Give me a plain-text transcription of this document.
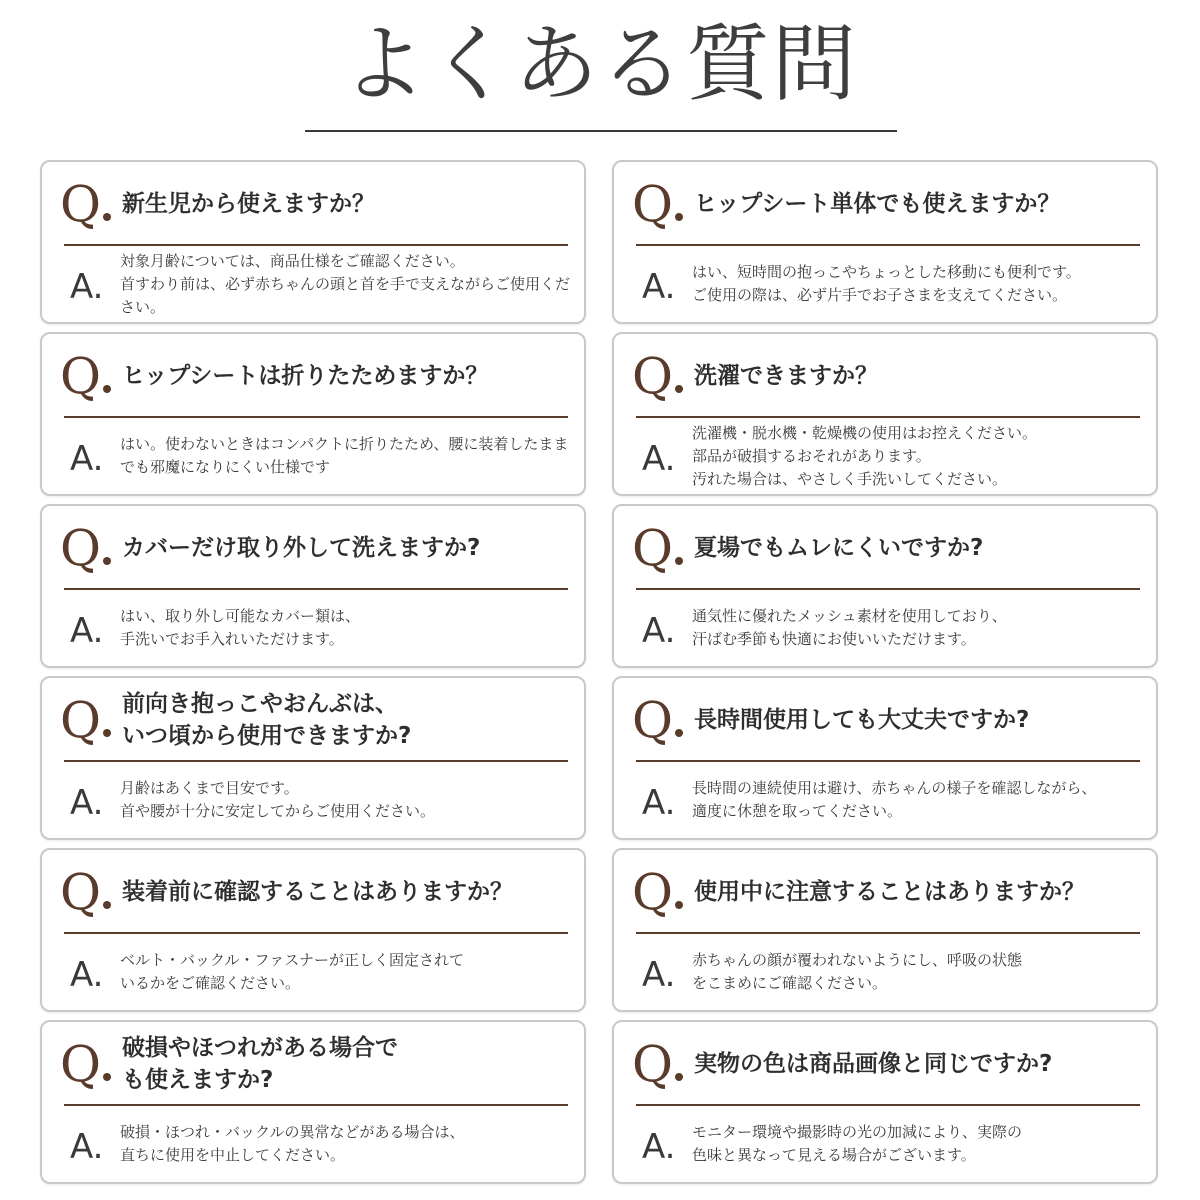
よくある質問
Q 新生児から使えますか？
A.
対象月齢については、商品仕様をご確認ください。
首すわり前は、必ず赤ちゃんの頭と首を手で支えながらご使用ください。
Q ヒップシート単体でも使えますか？
A. はい、短時間の抱っこやちょっとした移動にも便利です。
ご使用の際は、必ず片手でお子さまを支えてください。
Q ヒップシートは折りたためますか？
A. はい。使わないときはコンパクトに折りたため、腰に装着したままでも邪魔になりにくい仕様です
Q 洗濯できますか？
A.
洗濯機・脱水機・乾燥機の使用はお控えください。
部品が破損するおそれがあります。
汚れた場合は、やさしく手洗いしてください。
Q カバーだけ取り外して洗えますか?
A. はい、取り外し可能なカバー類は、
手洗いでお手入れいただけます。
Q 夏場でもムレにくいですか?
A. 通気性に優れたメッシュ素材を使用しており、
汗ばむ季節も快適にお使いいただけます。
Q 前向き抱っこやおんぶは、
いつ頃から使用できますか?
A. 月齢はあくまで目安です。
首や腰が十分に安定してからご使用ください。
Q 長時間使用しても大丈夫ですか?
A. 長時間の連続使用は避け、赤ちゃんの様子を確認しながら、
適度に休憩を取ってください。
Q 装着前に確認することはありますか？
A. ベルト・バックル・ファスナーが正しく固定されて
いるかをご確認ください。
Q 使用中に注意することはありますか？
A. 赤ちゃんの顔が覆われないようにし、呼吸の状態
をこまめにご確認ください。
Q 破損やほつれがある場合で
も使えますか?
A. 破損・ほつれ・バックルの異常などがある場合は、
直ちに使用を中止してください。
Q 実物の色は商品画像と同じですか?
A. モニター環境や撮影時の光の加減により、実際の
色味と異なって見える場合がございます。
